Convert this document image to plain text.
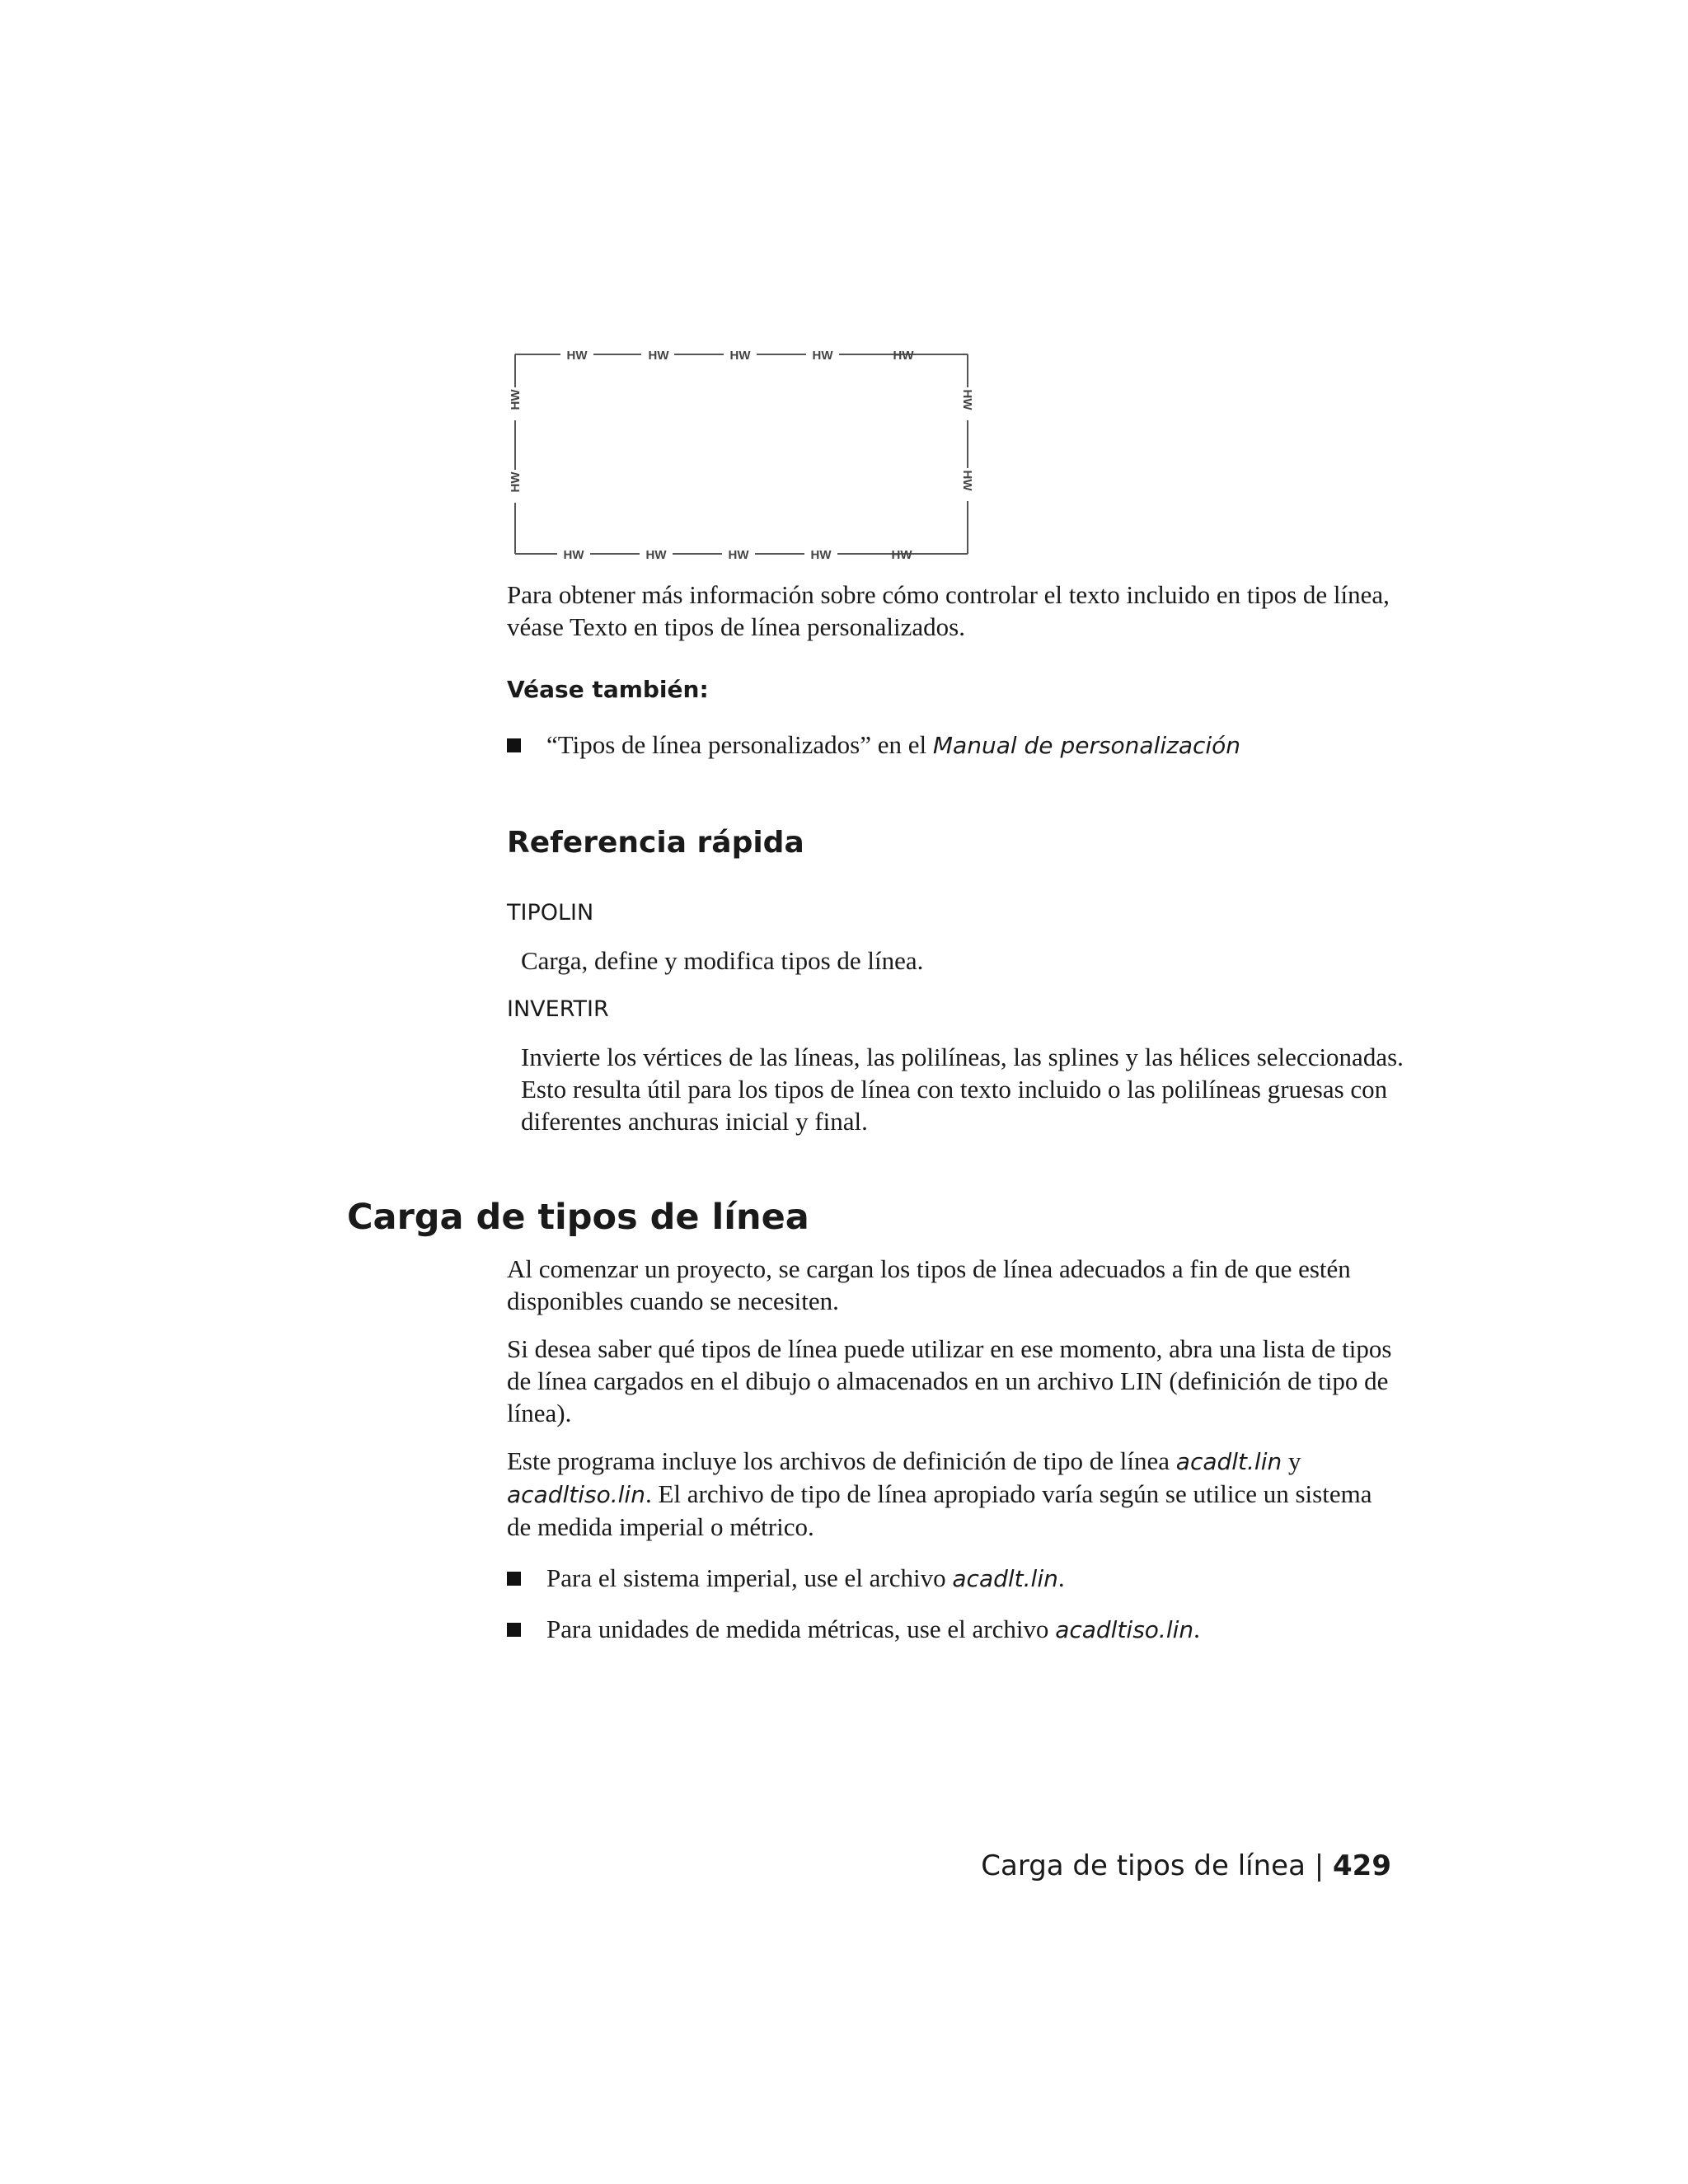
HW	HW	HW	HW	HW
HW	HW	HW	HW	HW
HW
HW
HW
HW

Para obtener más información sobre cómo controlar el texto incluido en tipos de línea, véase Texto en tipos de línea personalizados.

Véase también:

“Tipos de línea personalizados” en el Manual de personalización
Referencia rápida

TIPOLIN

Carga, define y modifica tipos de línea.

INVERTIR

Invierte los vértices de las líneas, las polilíneas, las splines y las hélices seleccionadas. Esto resulta útil para los tipos de línea con texto incluido o las polilíneas gruesas con diferentes anchuras inicial y final.

Carga de tipos de línea

Al comenzar un proyecto, se cargan los tipos de línea adecuados a fin de que estén disponibles cuando se necesiten.

Si desea saber qué tipos de línea puede utilizar en ese momento, abra una lista de tipos de línea cargados en el dibujo o almacenados en un archivo LIN (definición de tipo de línea).

Este programa incluye los archivos de definición de tipo de línea acadlt.lin y acadltiso.lin. El archivo de tipo de línea apropiado varía según se utilice un sistema de medida imperial o métrico.

Para el sistema imperial, use el archivo acadlt.lin.
Para unidades de medida métricas, use el archivo acadltiso.lin.
Carga de tipos de línea | 429
